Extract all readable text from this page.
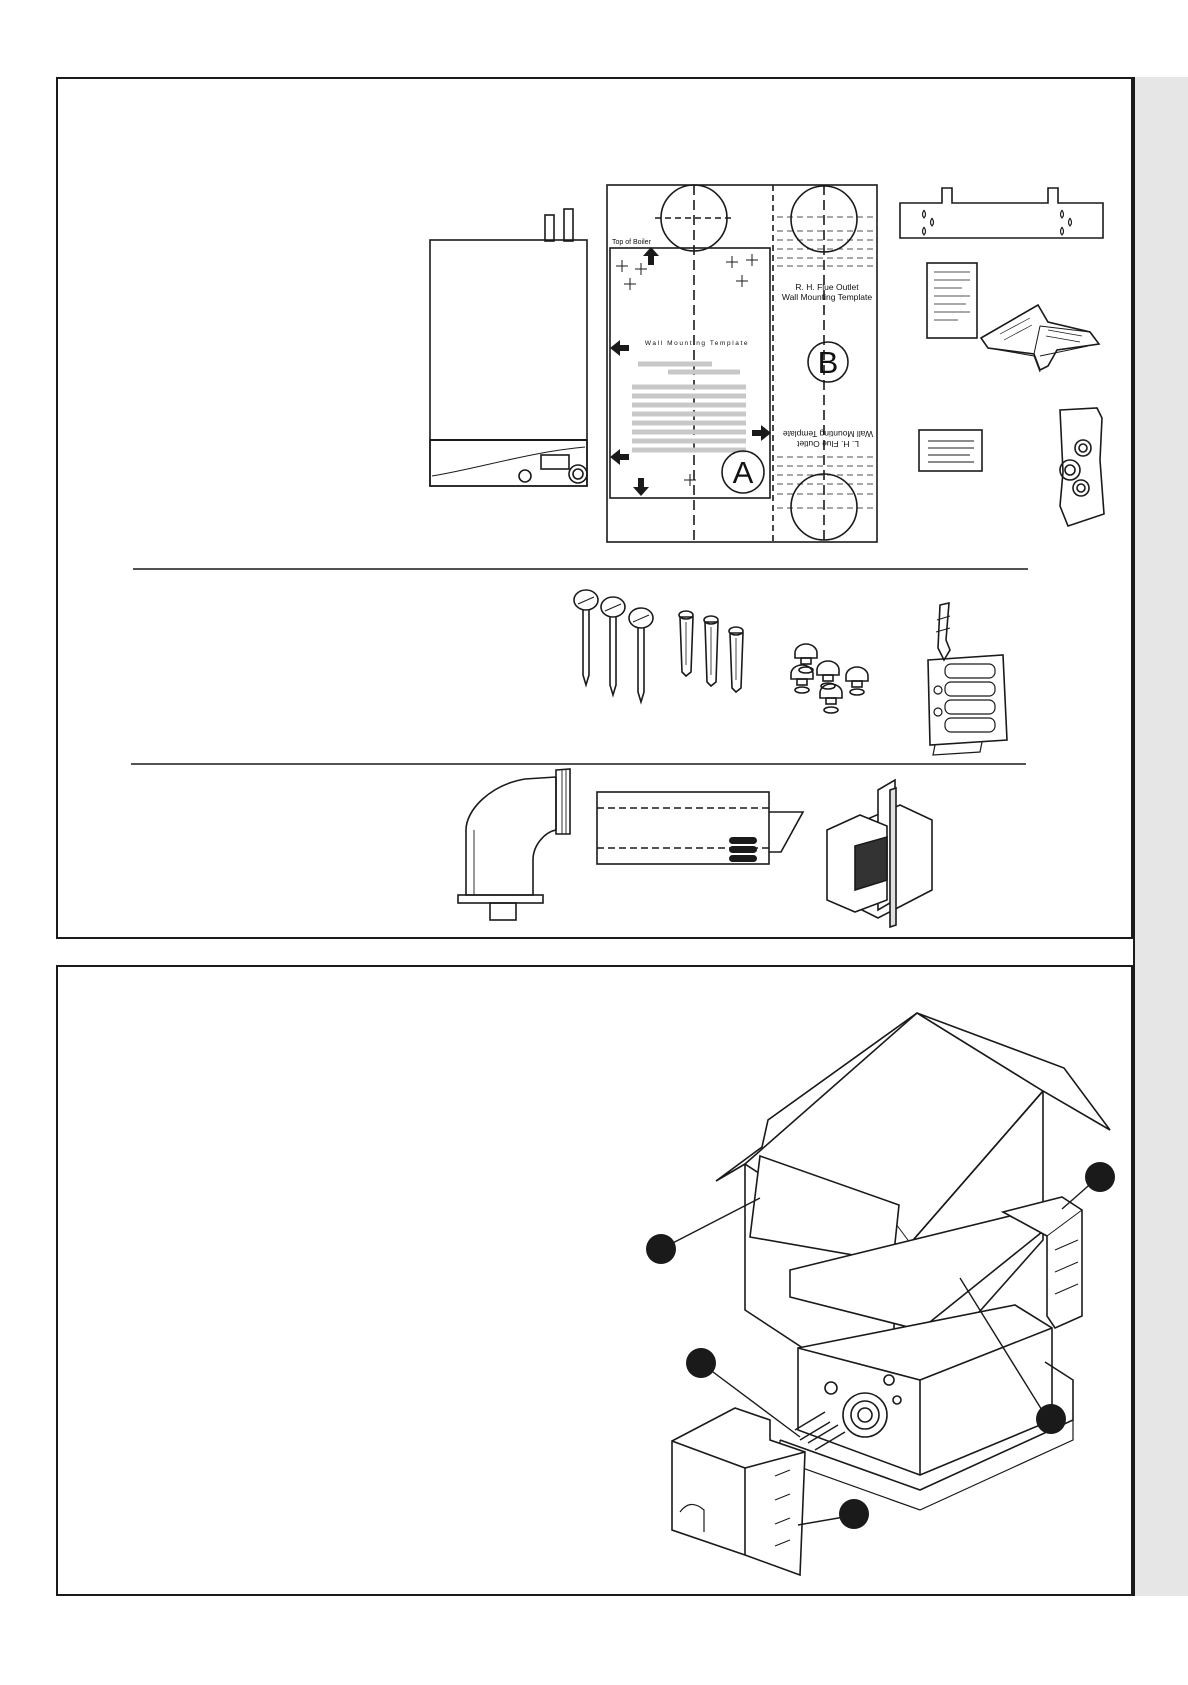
Top of Boiler
Wall Mounting Template
R. H. Flue Outlet
Wall Mounting Template
L. H. Flue Outlet
Wall Mounting Template
A
B
